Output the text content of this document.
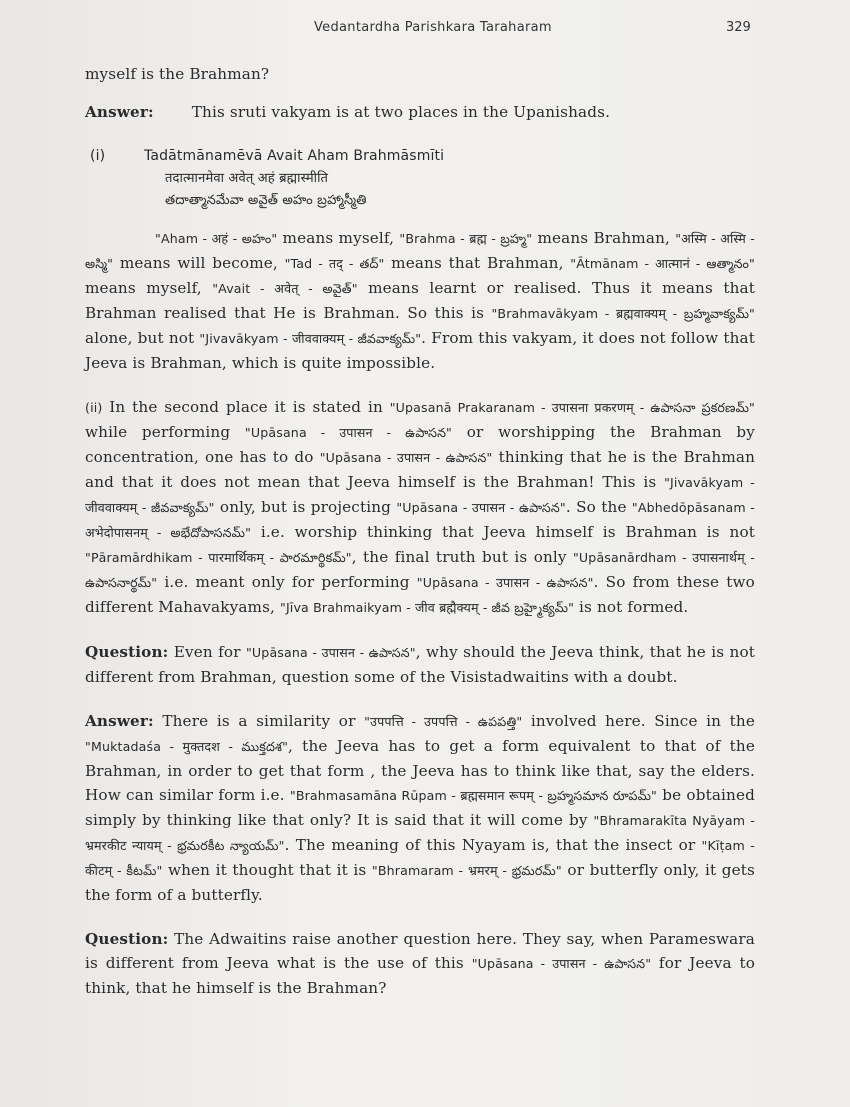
Vedantardha Parishkara Taraharam	329

myself is the Brahman?

Answer: This sruti vakyam is at two places in the Upanishads.

(i)	Tadātmānamēvā Avait Aham Brahmāsmīti

तदात्मानमेवा अवेत् अहं ब्रह्मास्मीति

తదాత్మానమేవా అవైత్ అహం బ్రహ్మాస్మీతి

"Aham - अहं - అహం" means myself, "Brahma - ब्रह्म - బ్రహ్మ" means Brahman, "अस्मि - अस्मि - అస్మి" means will become, "Tad - तद् - తద్" means that Brahman, "Ātmānam - आत्मानं - ఆత్మానం" means myself, "Avait - अवेत् - అవైత్" means learnt or realised. Thus it means that Brahman realised that He is Brahman. So this is "Brahmavākyam - ब्रह्मवाक्यम् - బ్రహ్మవాక్యమ్" alone, but not "Jivavākyam - जीववाक्यम् - జీవవాక్యమ్". From this vakyam, it does not follow that Jeeva is Brahman, which is quite impossible.

(ii) In the second place it is stated in "Upasanā Prakaranam - उपासना प्रकरणम् - ఉపాసనా ప్రకరణమ్" while performing "Upāsana - उपासन - ఉపాసన" or worshipping the Brahman by concentration, one has to do "Upāsana - उपासन - ఉపాసన" thinking that he is the Brahman and that it does not mean that Jeeva himself is the Brahman! This is "Jivavākyam - जीववाक्यम् - జీవవాక్యమ్" only, but is projecting "Upāsana - उपासन - ఉపాసన". So the "Abhedōpāsanam - अभेदोपासनम् - అభేదోపాసనమ్" i.e. worship thinking that Jeeva himself is Brahman is not "Pāramārdhikam - पारमार्थिकम् - పారమార్థికమ్", the final truth but is only "Upāsanārdham - उपासनार्थम् - ఉపాసనార్థమ్" i.e. meant only for performing "Upāsana - उपासन - ఉపాసన". So from these two different Mahavakyams, "Jīva Brahmaikyam - जीव ब्रह्मैक्यम् - జీవ బ్రహ్మైక్యమ్" is not formed.

Question: Even for "Upāsana - उपासन - ఉపాసన", why should the Jeeva think, that he is not different from Brahman, question some of the Visistadwaitins with a doubt.

Answer: There is a similarity or "उपपत्ति - उपपत्ति - ఉపపత్తి" involved here. Since in the "Muktadaśa - मुक्तदश - ముక్తదశ", the Jeeva has to get a form equivalent to that of the Brahman, in order to get that form , the Jeeva has to think like that, say the elders. How can similar form i.e. "Brahmasamāna Rūpam - ब्रह्मसमान रूपम् - బ్రహ్మసమాన రూపమ్" be obtained simply by thinking like that only? It is said that it will come by "Bhramarakīta Nyāyam - भ्रमरकीट न्यायम् - భ్రమరకీట న్యాయమ్". The meaning of this Nyayam is, that the insect or "Kīṭam - कीटम् - కీటమ్" when it thought that it is "Bhramaram - भ्रमरम् - భ్రమరమ్" or butterfly only, it gets the form of a butterfly.

Question: The Adwaitins raise another question here. They say, when Parameswara is different from Jeeva what is the use of this "Upāsana - उपासन - ఉపాసన" for Jeeva to think, that he himself is the Brahman?
